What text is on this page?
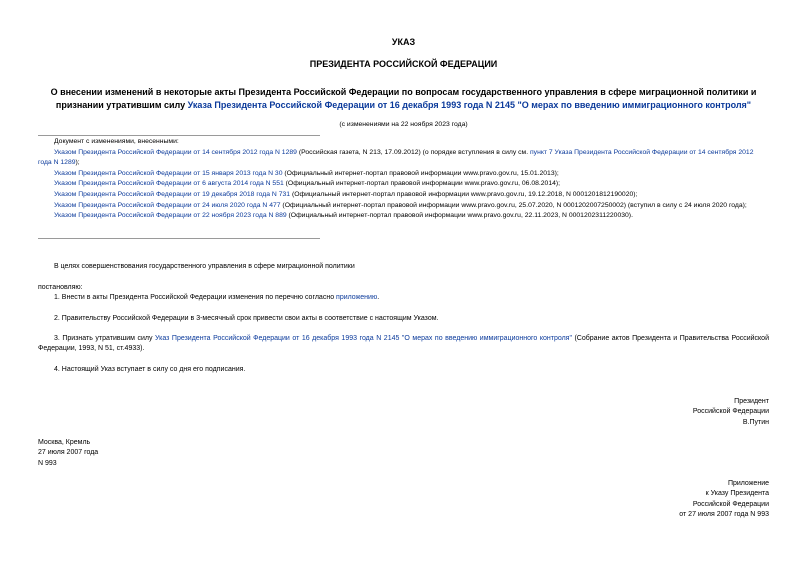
УКАЗ
ПРЕЗИДЕНТА РОССИЙСКОЙ ФЕДЕРАЦИИ
О внесении изменений в некоторые акты Президента Российской Федерации по вопросам государственного управления в сфере миграционной политики и признании утратившим силу Указа Президента Российской Федерации от 16 декабря 1993 года N 2145 "О мерах по введению иммиграционного контроля"
(с изменениями на 22 ноября 2023 года)
Документ с изменениями, внесенными:
Указом Президента Российской Федерации от 14 сентября 2012 года N 1289 (Российская газета, N 213, 17.09.2012) (о порядке вступления в силу см. пункт 7 Указа Президента Российской Федерации от 14 сентября 2012 года N 1289);
Указом Президента Российской Федерации от 15 января 2013 года N 30 (Официальный интернет-портал правовой информации www.pravo.gov.ru, 15.01.2013);
Указом Президента Российской Федерации от 6 августа 2014 года N 551 (Официальный интернет-портал правовой информации www.pravo.gov.ru, 06.08.2014);
Указом Президента Российской Федерации от 19 декабря 2018 года N 731 (Официальный интернет-портал правовой информации www.pravo.gov.ru, 19.12.2018, N 0001201812190020);
Указом Президента Российской Федерации от 24 июля 2020 года N 477 (Официальный интернет-портал правовой информации www.pravo.gov.ru, 25.07.2020, N 0001202007250002) (вступил в силу с 24 июля 2020 года);
Указом Президента Российской Федерации от 22 ноября 2023 года N 889 (Официальный интернет-портал правовой информации www.pravo.gov.ru, 22.11.2023, N 0001202311220030).
В целях совершенствования государственного управления в сфере миграционной политики
постановляю:
1. Внести в акты Президента Российской Федерации изменения по перечню согласно приложению.
2. Правительству Российской Федерации в 3-месячный срок привести свои акты в соответствие с настоящим Указом.
3. Признать утратившим силу Указ Президента Российской Федерации от 16 декабря 1993 года N 2145 "О мерах по введению иммиграционного контроля" (Собрание актов Президента и Правительства Российской Федерации, 1993, N 51, ст.4933).
4. Настоящий Указ вступает в силу со дня его подписания.
Президент
Российской Федерации
В.Путин
Москва, Кремль
27 июля 2007 года
N 993
Приложение
к Указу Президента
Российской Федерации
от 27 июля 2007 года N 993
